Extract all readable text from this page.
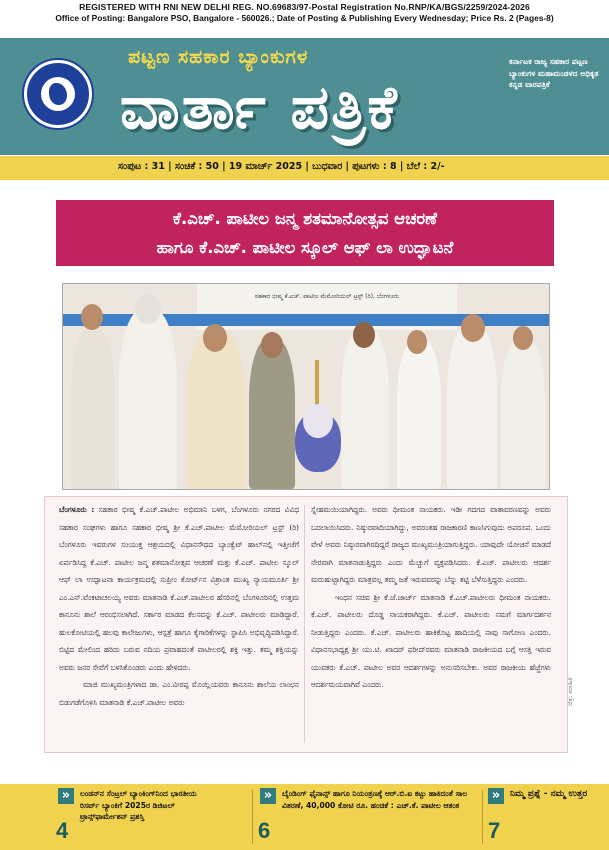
REGISTERED WITH RNI NEW DELHI REG. NO.69683/97-Postal Registration No.RNP/KA/BGS/2259/2024-2026
Office of Posting: Bangalore PSO, Bangalore - 560026.; Date of Posting & Publishing Every Wednesday; Price Rs. 2 (Pages-8)
ಪಟ್ಟಣ ಸಹಕಾರ ಬ್ಯಾಂಕುಗಳ
ವಾರ್ತಾ ಪತ್ರಿಕೆ
ಕರ್ನಾಟಕ ರಾಜ್ಯ ಸಹಕಾರ ಪಟ್ಟಣ ಬ್ಯಾಂಕುಗಳ ಮಹಾಮಂಡಳದ ಅಧಿಕೃತ ಕನ್ನಡ ವಾರಪತ್ರಿಕೆ
ಸಂಪುಟ : 31 | ಸಂಚಿಕೆ : 50 | 19 ಮಾರ್ಚ್ 2025 | ಬುಧವಾರ | ಪುಟಗಳು : 8 | ಬೆಲೆ : 2/-
ಕೆ.ಎಚ್. ಪಾಟೀಲ ಜನ್ಮ ಶತಮಾನೋತ್ಸವ ಆಚರಣೆ
ಹಾಗೂ ಕೆ.ಎಚ್. ಪಾಟೀಲ ಸ್ಕೂಲ್ ಆಫ್ ಲಾ ಉದ್ಘಾಟನೆ
ಸಹಕಾರ ಭೀಷ್ಮ ಕೆ.ಎಚ್. ಪಾಟೀಲ ಮೆಮೋರಿಯಲ್ ಟ್ರಸ್ಟ್ (ರಿ), ಬೆಂಗಳೂರು

ಬೆಂಗಳೂರು : ಸಹಕಾರ ಭೀಷ್ಮ ಕೆ.ಎಚ್.ಪಾಟೀಲ ಅಭಿಮಾನಿ ಬಳಗ, ಬೆಂಗಳೂರು ನಗರದ ವಿವಿಧ ಸಹಕಾರ ಸಂಘಗಳು ಹಾಗೂ ಸಹಕಾರ ಭೀಷ್ಮ ಶ್ರೀ ಕೆ.ಎಚ್.ಪಾಟೀಲ ಮೆಮೋರಿಯಲ್ ಟ್ರಸ್ಟ್ (ರಿ) ಬೆಂಗಳೂರು ಇವರುಗಳ ಸಂಯುಕ್ತ ಆಶ್ರಯದಲ್ಲಿ ವಿಧಾನಸೌಧದ ಬ್ಯಾಂಕ್ವೆಟ್ ಹಾಲ್‌ನಲ್ಲಿ ಇತ್ತೀಚೆಗೆ ಏರ್ಪಡಿಸಿದ್ದ ಕೆ.ಎಚ್. ಪಾಟೀಲ ಜನ್ಮ ಶತಮಾನೋತ್ಸವ ಆಚರಣೆ ಮತ್ತು ಕೆ.ಎಚ್. ಪಾಟೀಲ ಸ್ಕೂಲ್ ಆಫ್ ಲಾ ಉದ್ಘಾಟನಾ ಕಾರ್ಯಕ್ರಮದಲ್ಲಿ ಸುಪ್ರೀಂ ಕೋರ್ಟ್‌ನ ವಿಶ್ರಾಂತ ಮುಖ್ಯ ನ್ಯಾಯಮೂರ್ತಿ ಶ್ರೀ ಎಂ.ಎನ್.ವೆಂಕಟಾಚಲಯ್ಯ ಅವರು ಮಾತನಾಡಿ ಕೆ.ಎಚ್.ಪಾಟೀಲರ ಹೆಸರಿನಲ್ಲಿ ಬೆಂಗಳೂರಿನಲ್ಲಿ ಉತ್ತಮ ಕಾನೂನು ಶಾಲೆ ಆರಂಭಿಸಲಾಗಿದೆ. ಸರ್ಕಾರ ಮಾಡದ ಕೆಲಸವನ್ನು ಕೆ.ಎಚ್. ಪಾಟೀಲರು ಮಾಡಿದ್ದಾರೆ. ಹುಲಕೋಟಿಯಲ್ಲಿ ಹಲವು ಕಾಲೇಜುಗಳು, ಆಸ್ಪತ್ರೆ ಹಾಗೂ ಕೈಗಾರಿಕೆಗಳನ್ನು ಸ್ಥಾಪಿಸಿ ಅಭಿವೃದ್ಧಿಪಡಿಸಿದ್ದಾರೆ. ಬಿಟ್ಟಿದ ಮೇಲಿಂದ ಹರಿದು ಬರುವ ನದಿಯ ಪ್ರವಾಹದಂತೆ ಪಾಟೀಲರಲ್ಲಿ ಶಕ್ತಿ ಇತ್ತು. ತಮ್ಮ ಶಕ್ತಿಯನ್ನು ಅವರು ಜನರ ಸೇವೆಗೆ ಬಳಸಿಕೊಂಡರು ಎಂದು ಹೇಳಿದರು.

ಮಾಜಿ ಮುಖ್ಯಮಂತ್ರಿಗಳಾದ ಡಾ. ಎಂ.ವೀರಪ್ಪ ಮೊಯ್ಲಿಯವರು ಕಾನೂನು ಶಾಲೆಯ ಲಾಂಛನ ಬಿಡುಗಡೆಗೊಳಿಸಿ ಮಾತನಾಡಿ ಕೆ.ಎಚ್.ಪಾಟೀಲ ಅವರು

ಸ್ನೇಹಮಯಿಯಾಗಿದ್ದರು. ಅವರು ಧೀಮಂತ ನಾಯಕರು. ಇಡೀ ಗದಗದ ವಾತಾವರಣವನ್ನು ಅವರು ಬದಲಾಯಿಸಿದರು. ನಿಷ್ಠುರವಾದಿಯಾಗಿದ್ದು, ಅವರಂತಹ ರಾಜಕಾರಣಿ ಕಾಣಸಿಗುವುದು ಅಪರೂಪ. ಒಂದು ವೇಳೆ ಅವರು ನಿಷ್ಠುರವಾಗಿರದಿದ್ದರೆ ರಾಜ್ಯದ ಮುಖ್ಯಮಂತ್ರಿಯಾಗುತ್ತಿದ್ದರು. ಯಾವುದೇ ಯೋಚನೆ ಮಾಡದೆ ನೇರವಾಗಿ ಮಾತನಾಡುತ್ತಿದ್ದರು ಎಂದು ಮೆಚ್ಚುಗೆ ವ್ಯಕ್ತಪಡಿಸಿದರು. ಕೆ.ಎಚ್. ಪಾಟೀಲರು ಆದರ್ಶ ಮರುಹುಟ್ಟಾಗಿದ್ದರು ಮಾತ್ರವಲ್ಲ ತಮ್ಮ ಜತೆ ಇರುವವರನ್ನು ಬೆನ್ನು ತಟ್ಟಿ ಬೆಳೆಸುತ್ತಿದ್ದರು ಎಂದರು.

ಇಂಧನ ಸಚಿವ ಶ್ರೀ ಕೆ.ಜೆ.ಜಾರ್ಜ್ ಮಾತನಾಡಿ ಕೆ.ಎಚ್.ಪಾಟೀಲರು ಧೀಮಂತ ನಾಯಕರು. ಕೆ.ಎಚ್. ಪಾಟೀಲರು ದೊಡ್ಡ ನಾಯಕರಾಗಿದ್ದರು. ಕೆ.ಎಚ್. ಪಾಟೀಲರು ನಮಗೆ ಮಾರ್ಗದರ್ಶನ ನೀಡುತ್ತಿದ್ದರು ಎಂದರು. ಕೆ.ಎಚ್. ಪಾಟೀಲರು ಹಾಕಿಕೊಟ್ಟ ಹಾದಿಯಲ್ಲಿ ನಾವು ಸಾಗೋಣ ಎಂದರು. ವಿಧಾನಸಭಾಧ್ಯಕ್ಷ ಶ್ರೀ ಯು.ಟಿ. ಖಾದರ್ ಫರೀದ್‌ರವರು ಮಾತನಾಡಿ ರಾಜಕೀಯದ ಬಗ್ಗೆ ಆಸಕ್ತಿ ಇರುವ ಯುವಕರು ಕೆ.ಎಚ್. ಪಾಟೀಲ ಅವರ ಆದರ್ಶಗಳನ್ನು ಅನುಸರಿಸಬೇಕು. ಅವರ ರಾಜಕೀಯ ಹೆಜ್ಜೆಗಳು ಆದರ್ಶಮಯವಾಗಿವೆ ಎಂದರು.	ಚಿತ್ರ: ಮಾಹಿತಿ
»	ಲಂಡನ್‌ನ ಸೆಂಟ್ರಲ್ ಬ್ಯಾಂಕಿಂಗ್‌ನಿಂದ ಭಾರತೀಯ ರಿಸರ್ವ್ ಬ್ಯಾಂಕಿಗೆ 2025ರ ಡಿಜಿಟಲ್ ಟ್ರಾನ್ಸ್‌ಫಾರ್ಮೇಶನ್ ಪ್ರಶಸ್ತಿ
4
»	ಬೈಂಡಿಂಗ್ ಫೈನಾನ್ಸ್ ಹಾಗೂ ನಿಯಂತ್ರಣಕ್ಕೆ ಆರ್.ಬಿ.ಐ ಕಟ್ಟು ಹಾಕಿದಂತೆ ಸಾಲ ವಿತರಣೆ, 40,000 ಕೋಟಿ ರೂ. ಹಂಚಿಕೆ : ಎಚ್.ಕೆ. ಪಾಟೀಲ ಆತಂಕ
6
»	ನಿಮ್ಮ ಪ್ರಶ್ನೆ - ನಮ್ಮ ಉತ್ತರ
7
